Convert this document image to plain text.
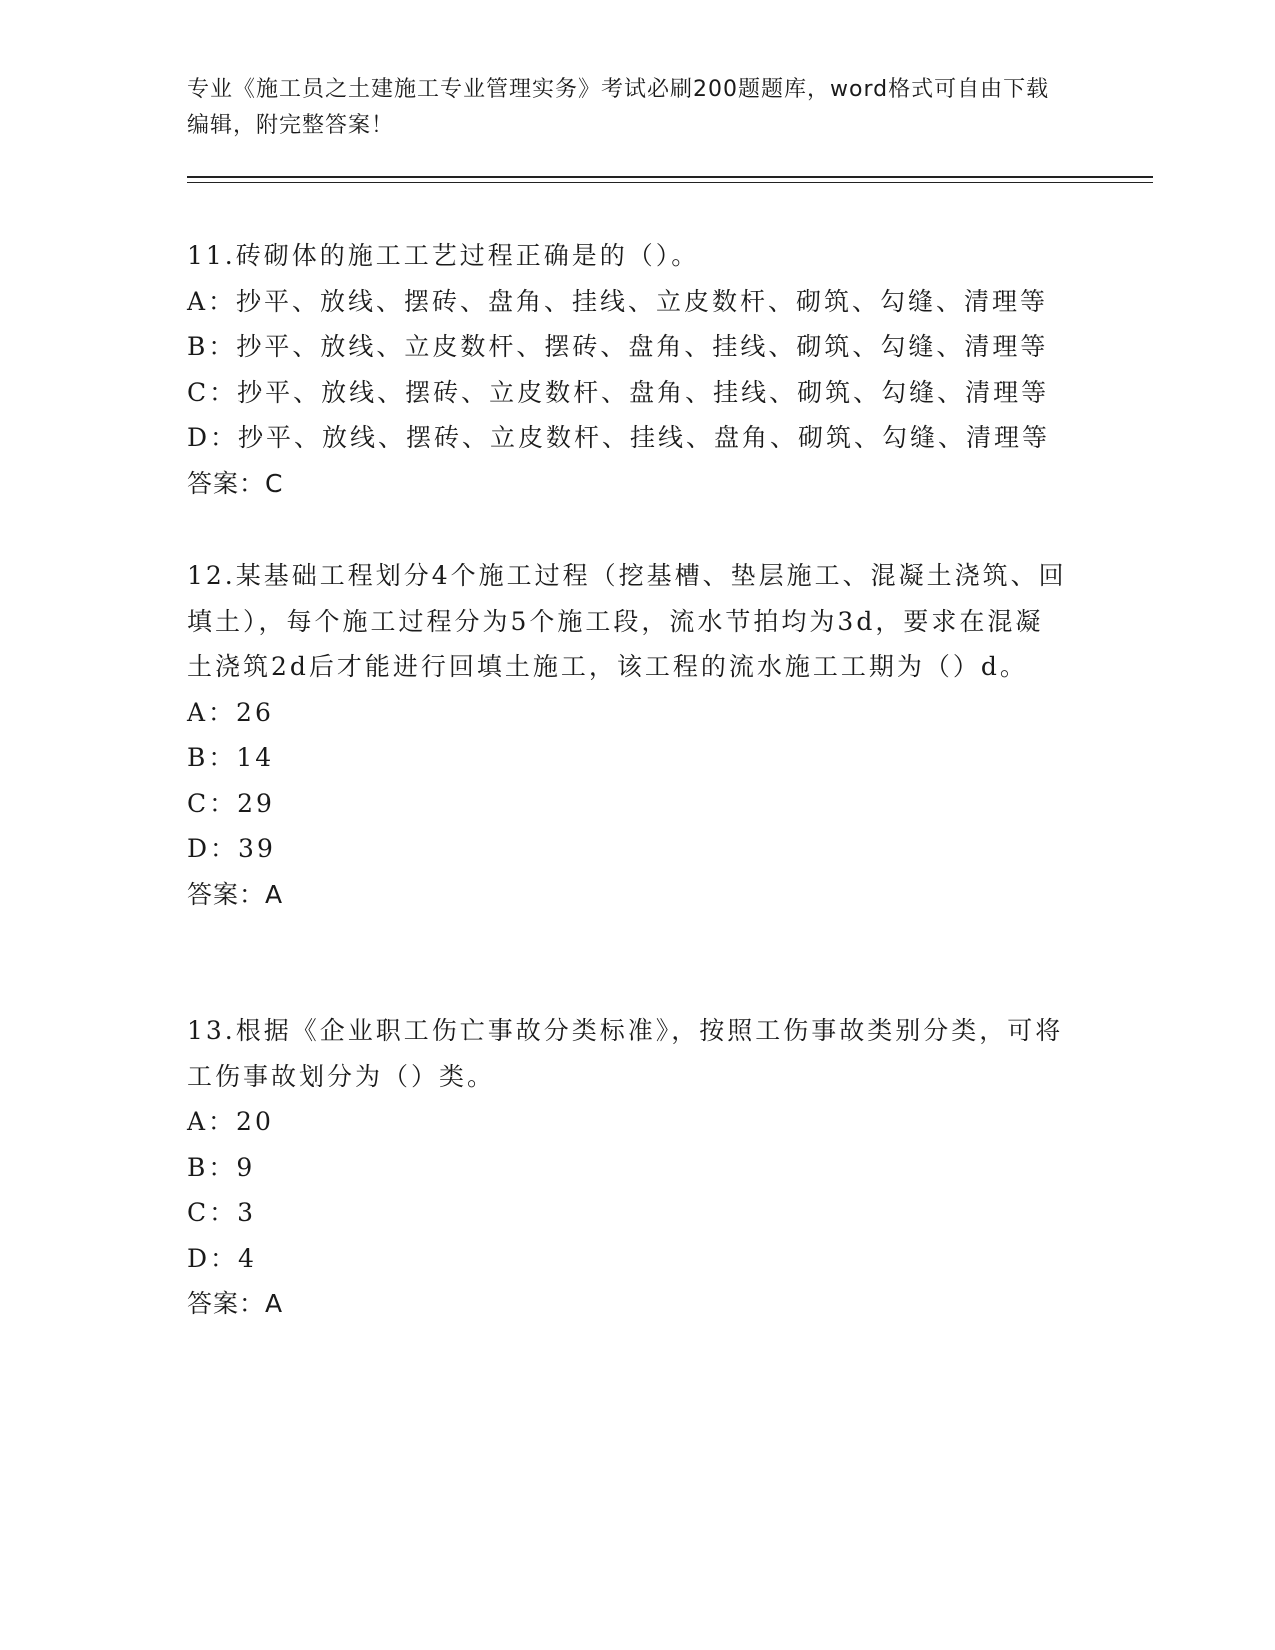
专业《施工员之土建施工专业管理实务》考试必刷200题题库，word格式可自由下载编辑，附完整答案！
11.砖砌体的施工工艺过程正确是的（）。
A：抄平、放线、摆砖、盘角、挂线、立皮数杆、砌筑、勾缝、清理等
B：抄平、放线、立皮数杆、摆砖、盘角、挂线、砌筑、勾缝、清理等
C：抄平、放线、摆砖、立皮数杆、盘角、挂线、砌筑、勾缝、清理等
D：抄平、放线、摆砖、立皮数杆、挂线、盘角、砌筑、勾缝、清理等
答案：C
12.某基础工程划分4个施工过程（挖基槽、垫层施工、混凝土浇筑、回填土），每个施工过程分为5个施工段，流水节拍均为3d，要求在混凝土浇筑2d后才能进行回填土施工，该工程的流水施工工期为（）d。
A：26
B：14
C：29
D：39
答案：A
13.根据《企业职工伤亡事故分类标准》，按照工伤事故类别分类，可将工伤事故划分为（）类。
A：20
B：9
C：3
D：4
答案：A
